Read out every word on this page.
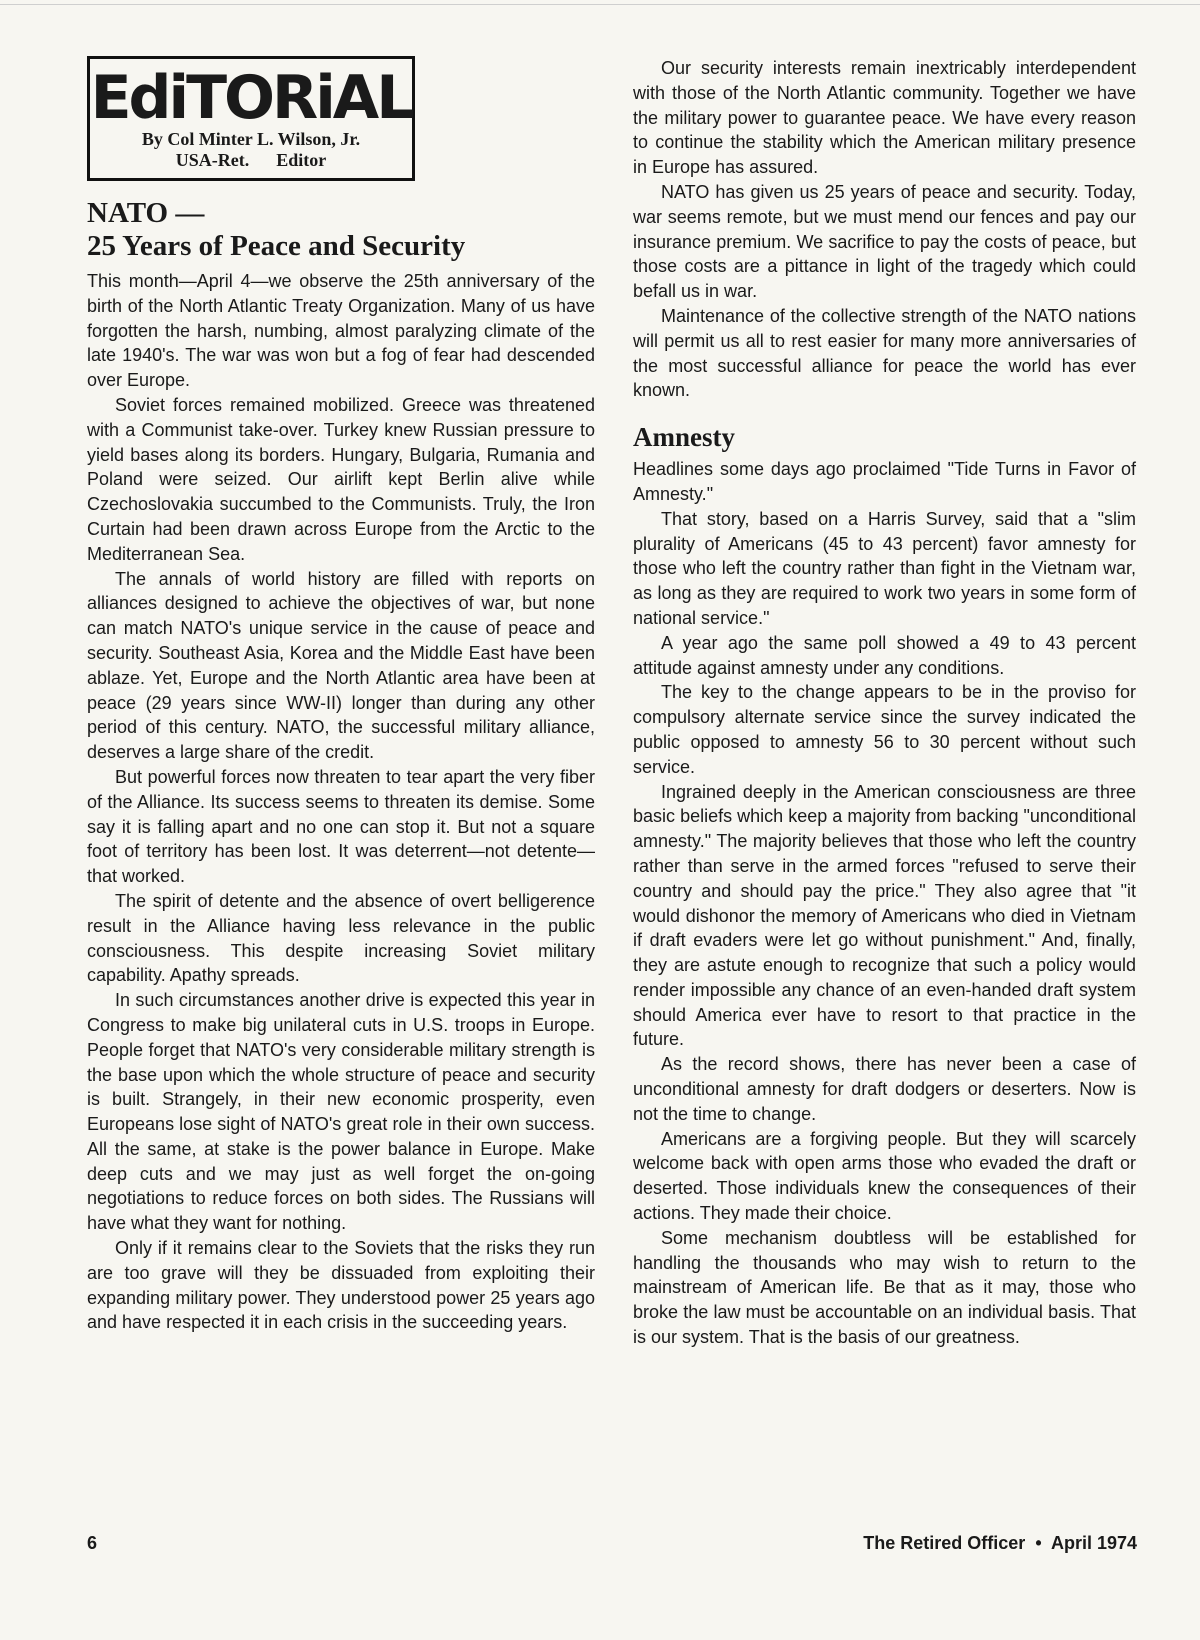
EdiTORiAL
By Col Minter L. Wilson, Jr.
USA-Ret.      Editor
NATO —
25 Years of Peace and Security

This month—April 4—we observe the 25th anniversary of the birth of the North Atlantic Treaty Organization. Many of us have forgotten the harsh, numbing, almost paralyzing climate of the late 1940's. The war was won but a fog of fear had descended over Europe.

Soviet forces remained mobilized. Greece was threatened with a Communist take-over. Turkey knew Russian pressure to yield bases along its borders. Hungary, Bulgaria, Rumania and Poland were seized. Our airlift kept Berlin alive while Czechoslovakia succumbed to the Communists. Truly, the Iron Curtain had been drawn across Europe from the Arctic to the Mediterranean Sea.

The annals of world history are filled with reports on alliances designed to achieve the objectives of war, but none can match NATO's unique service in the cause of peace and security. Southeast Asia, Korea and the Middle East have been ablaze. Yet, Europe and the North Atlantic area have been at peace (29 years since WW-II) longer than during any other period of this century. NATO, the successful military alliance, deserves a large share of the credit.

But powerful forces now threaten to tear apart the very fiber of the Alliance. Its success seems to threaten its demise. Some say it is falling apart and no one can stop it. But not a square foot of territory has been lost. It was deterrent—not detente—that worked.

The spirit of detente and the absence of overt belligerence result in the Alliance having less relevance in the public consciousness. This despite increasing Soviet military capability. Apathy spreads.

In such circumstances another drive is expected this year in Congress to make big unilateral cuts in U.S. troops in Europe. People forget that NATO's very considerable military strength is the base upon which the whole structure of peace and security is built. Strangely, in their new economic prosperity, even Europeans lose sight of NATO's great role in their own success. All the same, at stake is the power balance in Europe. Make deep cuts and we may just as well forget the on-going negotiations to reduce forces on both sides. The Russians will have what they want for nothing.

Only if it remains clear to the Soviets that the risks they run are too grave will they be dissuaded from exploiting their expanding military power. They understood power 25 years ago and have respected it in each crisis in the succeeding years.

Our security interests remain inextricably interdependent with those of the North Atlantic community. Together we have the military power to guarantee peace. We have every reason to continue the stability which the American military presence in Europe has assured.

NATO has given us 25 years of peace and security. Today, war seems remote, but we must mend our fences and pay our insurance premium. We sacrifice to pay the costs of peace, but those costs are a pittance in light of the tragedy which could befall us in war.

Maintenance of the collective strength of the NATO nations will permit us all to rest easier for many more anniversaries of the most successful alliance for peace the world has ever known.

Amnesty

Headlines some days ago proclaimed "Tide Turns in Favor of Amnesty."

That story, based on a Harris Survey, said that a "slim plurality of Americans (45 to 43 percent) favor amnesty for those who left the country rather than fight in the Vietnam war, as long as they are required to work two years in some form of national service."

A year ago the same poll showed a 49 to 43 percent attitude against amnesty under any conditions.

The key to the change appears to be in the proviso for compulsory alternate service since the survey indicated the public opposed to amnesty 56 to 30 percent without such service.

Ingrained deeply in the American consciousness are three basic beliefs which keep a majority from backing "unconditional amnesty." The majority believes that those who left the country rather than serve in the armed forces "refused to serve their country and should pay the price." They also agree that "it would dishonor the memory of Americans who died in Vietnam if draft evaders were let go without punishment." And, finally, they are astute enough to recognize that such a policy would render impossible any chance of an even-handed draft system should America ever have to resort to that practice in the future.

As the record shows, there has never been a case of unconditional amnesty for draft dodgers or deserters. Now is not the time to change.

Americans are a forgiving people. But they will scarcely welcome back with open arms those who evaded the draft or deserted. Those individuals knew the consequences of their actions. They made their choice.

Some mechanism doubtless will be established for handling the thousands who may wish to return to the mainstream of American life. Be that as it may, those who broke the law must be accountable on an individual basis. That is our system. That is the basis of our greatness.

6	The Retired Officer  •  April 1974
